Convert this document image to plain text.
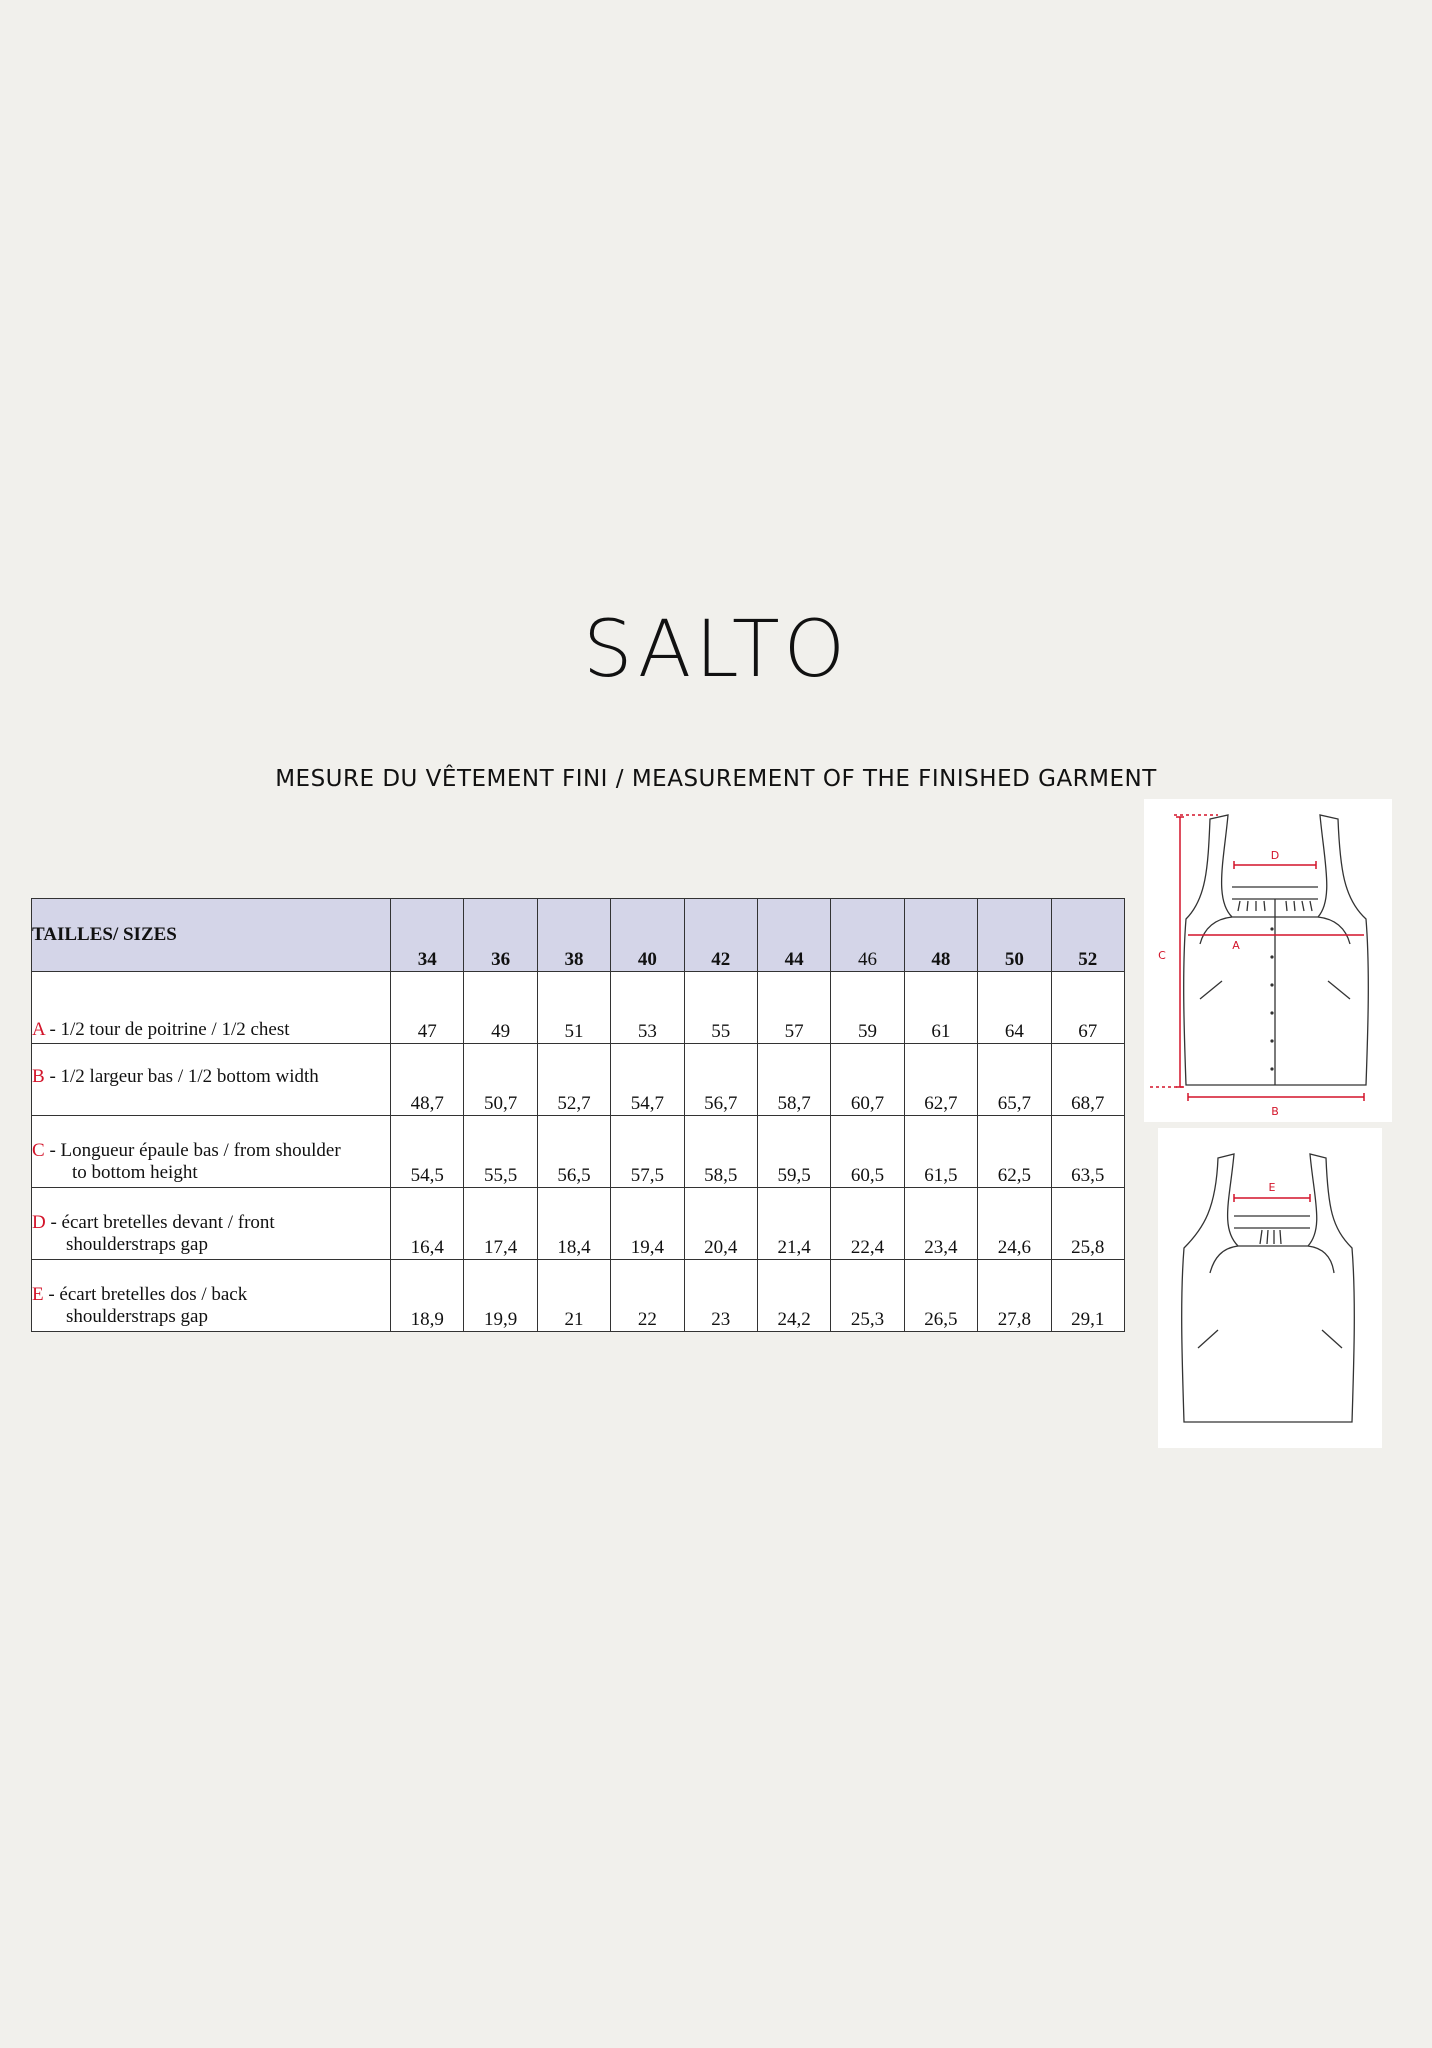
SALTO
MESURE DU VÊTEMENT FINI / MEASUREMENT OF THE FINISHED GARMENT
TAILLES/ SIZES	34	36	38	40	42	44	46	48	50	52
A - 1/2 tour de poitrine / 1/2 chest	47	49	51	53	55	57	59	61	64	67
B - 1/2 largeur bas / 1/2 bottom width	48,7	50,7	52,7	54,7	56,7	58,7	60,7	62,7	65,7	68,7
C - Longueur épaule bas / from shoulder
to bottom height	54,5	55,5	56,5	57,5	58,5	59,5	60,5	61,5	62,5	63,5
D - écart bretelles devant / front
shoulderstraps gap	16,4	17,4	18,4	19,4	20,4	21,4	22,4	23,4	24,6	25,8
E - écart bretelles dos / back
shoulderstraps gap	18,9	19,9	21	22	23	24,2	25,3	26,5	27,8	29,1
D
A
B
C
E
